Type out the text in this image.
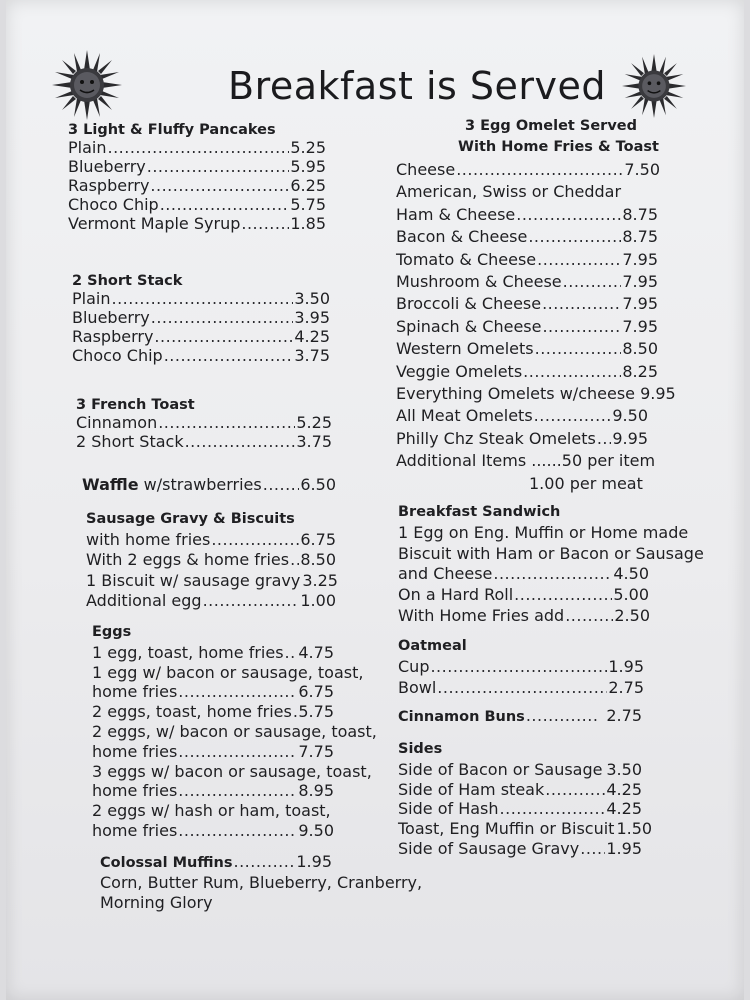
Breakfast is Served
3 Light & Fluffy Pancakes
Plain .....	5.25
Blueberry .....	5.95
Raspberry .....	6.25
Choco Chip .....	5.75
Vermont Maple Syrup .....	1.85
2 Short Stack
Plain .....	3.50
Blueberry .....	3.95
Raspberry .....	4.25
Choco Chip .....	3.75
3 French Toast
Cinnamon .....	5.25
2 Short Stack .....	3.75
Waffle w/strawberries ..... 6.50
Sausage Gravy & Biscuits
with home fries .....	6.75
With 2 eggs & home fries ..... 8.50
1 Biscuit w/ sausage gravy 3.25
Additional egg .....	1.00
Eggs
1 egg, toast, home fries ..... 4.75
1 egg w/ bacon or sausage, toast,
home fries .....	6.75
2 eggs, toast, home fries ..... 5.75
2 eggs, w/ bacon or sausage, toast,
home fries .....	7.75
3 eggs w/ bacon or sausage, toast,
home fries .....	8.95
2 eggs w/ hash or ham, toast,
home fries .....	9.50
Colossal Muffins .....	1.95
Corn, Butter Rum, Blueberry, Cranberry,
Morning Glory
3 Egg Omelet Served
With Home Fries & Toast
Cheese .....	7.50
American, Swiss or Cheddar
Ham & Cheese .....	8.75
Bacon & Cheese .....	8.75
Tomato & Cheese .....	7.95
Mushroom & Cheese .....	7.95
Broccoli & Cheese .....	7.95
Spinach & Cheese .....	7.95
Western Omelets .....	8.50
Veggie Omelets .....	8.25
Everything Omelets w/cheese 9.95
All Meat Omelets .....	9.50
Philly Chz Steak Omelets ..... 9.95
Additional Items ......50 per item
1.00 per meat
Breakfast Sandwich
1 Egg on Eng. Muffin or Home made
Biscuit with Ham or Bacon or Sausage
and Cheese .....	4.50
On a Hard Roll .....	5.00
With Home Fries add .....	2.50
Oatmeal
Cup .....	1.95
Bowl .....	2.75
Cinnamon Buns .....	2.75
Sides
Side of Bacon or Sausage ..... 3.50
Side of Ham steak .....	4.25
Side of Hash .....	4.25
Toast, Eng Muffin or Biscuit 1.50
Side of Sausage Gravy ..... 1.95
